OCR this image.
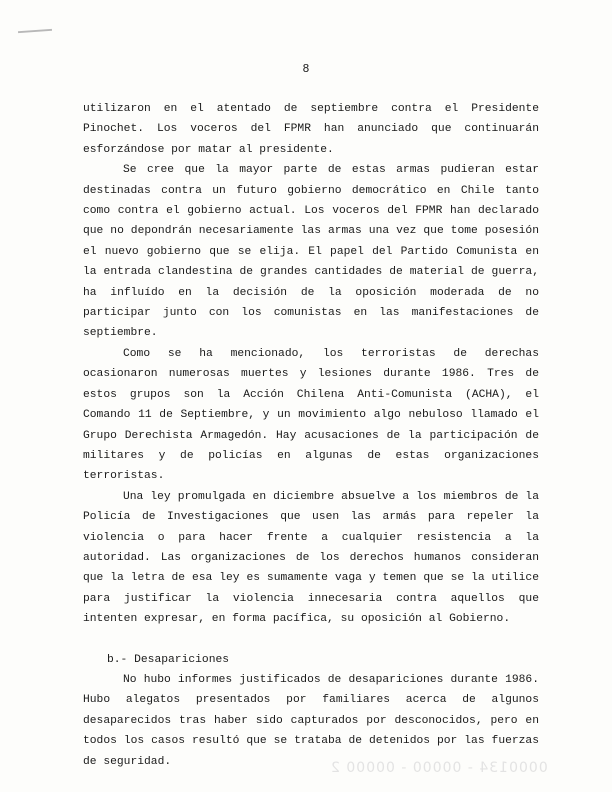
8

utilizaron en el atentado de septiembre contra el Presidente Pinochet. Los voceros del FPMR han anunciado que continuarán esforzándose por matar al presidente.

Se cree que la mayor parte de estas armas pudieran estar destinadas contra un futuro gobierno democrático en Chile tanto como contra el gobierno actual. Los voceros del FPMR han declarado que no depondrán necesariamente las armas una vez que tome posesión el nuevo gobierno que se elija. El papel del Partido Comunista en la entrada clandestina de grandes cantidades de material de guerra, ha influído en la decisión de la oposición moderada de no participar junto con los comunistas en las manifestaciones de septiembre.

Como se ha mencionado, los terroristas de derechas ocasionaron numerosas muertes y lesiones durante 1986. Tres de estos grupos son la Acción Chilena Anti-Comunista (ACHA), el Comando 11 de Septiembre, y un movimiento algo nebuloso llamado el Grupo Derechista Armagedón. Hay acusaciones de la participación de militares y de policías en algunas de estas organizaciones terroristas.

Una ley promulgada en diciembre absuelve a los miembros de la Policía de Investigaciones que usen las armás para repeler la violencia o para hacer frente a cualquier resistencia a la autoridad. Las organizaciones de los derechos humanos consideran que la letra de esa ley es sumamente vaga y temen que se la utilice para justificar la violencia innecesaria contra aquellos que intenten expresar, en forma pacífica, su oposición al Gobierno.

b.- Desapariciones

No hubo informes justificados de desapariciones durante 1986. Hubo alegatos presentados por familiares acerca de algunos desaparecidos tras haber sido capturados por desconocidos, pero en todos los casos resultó que se trataba de detenidos por las fuerzas de seguridad.	0000134 - 00000 - 00000 2
